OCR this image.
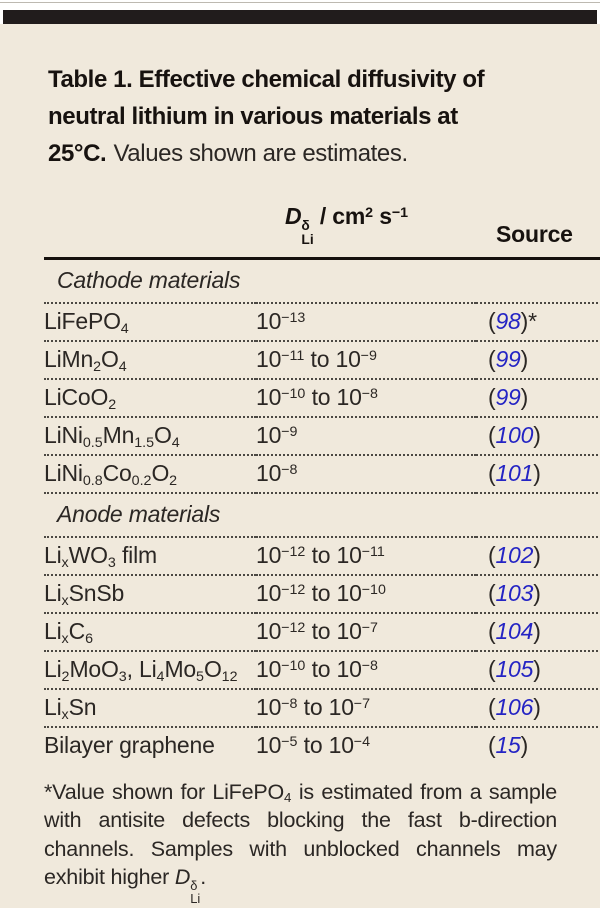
Table 1. Effective chemical diffusivity of
neutral lithium in various materials at
25°C. Values shown are estimates.
	D δ
Li
/ $cm^2$ $s^{-1}$	Source
Cathode materials		
LiFePO$_4$	$10^{-13}$	(98)*
$LiMn_2O_4$	$10^{-11}$ to $10^{-9}$	(99)
LiCoO$_2$	$10^{-10}$ to $10^{-8}$	(99)
$LiNi_{0.5}Mn_{1.5}O_4$	$10^{-9}$	(100)
$LiNi_{0.8}Co_{0.2}O_2$	$10^{-8}$	(101)
Anode materials		
$Li_xWO_3$ film	$10^{-12}$ to $10^{-11}$	(102)
$Li_xSnSb$	$10^{-12}$ to $10^{-10}$	(103)
$Li_xC_6$	$10^{-12}$ to $10^{-7}$	(104)
$Li_2MoO_3$, $Li_4Mo_5O_{12}$	$10^{-10}$ to $10^{-8}$	(105)
$Li_xSn$	$10^{-8}$ to $10^{-7}$	(106)
Bilayer graphene	$10^{-5}$ to $10^{-4}$	(15)

*Value shown for LiFePO$_4$ is estimated from a sample with antisite defects blocking the fast b-direction channels. Samples with unblocked channels may exhibit higher D δ
Li
.
